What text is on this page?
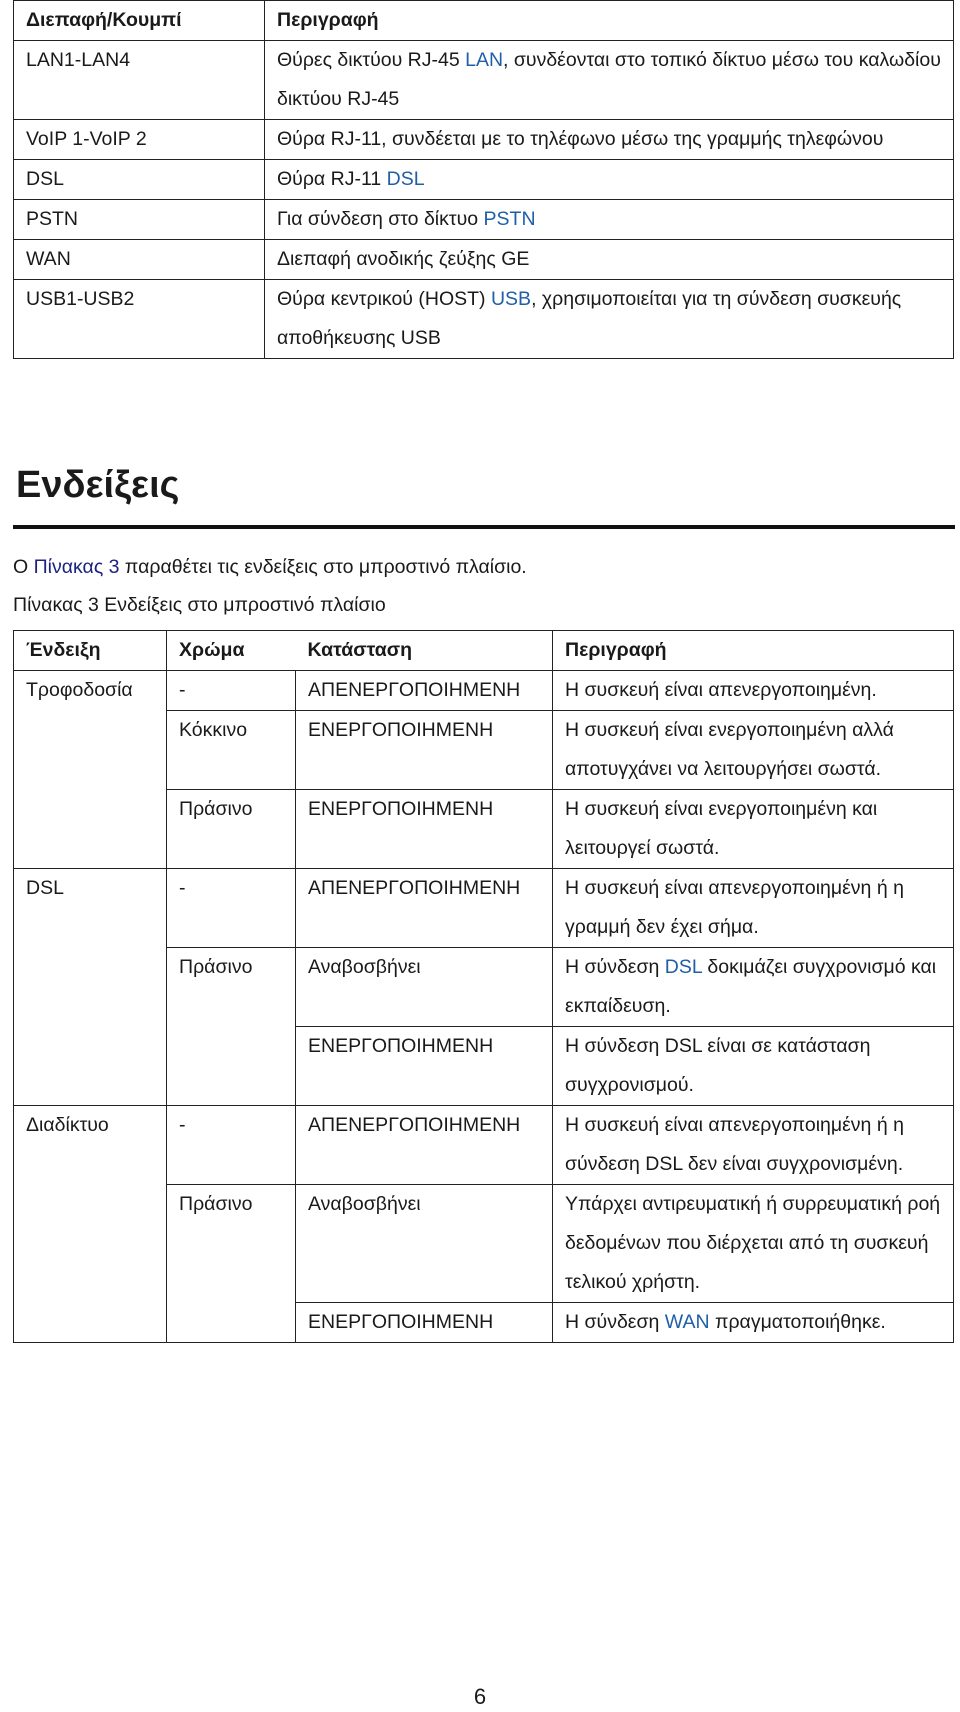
Διεπαφή/Κουμπί	Περιγραφή
LAN1-LAN4	Θύρες δικτύου RJ-45 LAN, συνδέονται στο τοπικό δίκτυο μέσω του καλωδίου δικτύου RJ-45
VoIP 1-VoIP 2	Θύρα RJ-11, συνδέεται με το τηλέφωνο μέσω της γραμμής τηλεφώνου
DSL	Θύρα RJ-11 DSL
PSTN	Για σύνδεση στο δίκτυο PSTN
WAN	Διεπαφή ανοδικής ζεύξης GE
USB1-USB2	Θύρα κεντρικού (HOST) USB, χρησιμοποιείται για τη σύνδεση συσκευής αποθήκευσης USB
Ενδείξεις

Ο Πίνακας 3 παραθέτει τις ενδείξεις στο μπροστινό πλαίσιο.

Πίνακας 3 Ενδείξεις στο μπροστινό πλαίσιο

Ένδειξη	Χρώμα	Κατάσταση	Περιγραφή
Τροφοδοσία	-	ΑΠΕΝΕΡΓΟΠΟΙΗΜΕΝΗ	Η συσκευή είναι απενεργοποιημένη.
	Κόκκινο	ΕΝΕΡΓΟΠΟΙΗΜΕΝΗ	Η συσκευή είναι ενεργοποιημένη αλλά αποτυγχάνει να λειτουργήσει σωστά.
	Πράσινο	ΕΝΕΡΓΟΠΟΙΗΜΕΝΗ	Η συσκευή είναι ενεργοποιημένη και λειτουργεί σωστά.
DSL	-	ΑΠΕΝΕΡΓΟΠΟΙΗΜΕΝΗ	Η συσκευή είναι απενεργοποιημένη ή η γραμμή δεν έχει σήμα.
	Πράσινο	Αναβοσβήνει	Η σύνδεση DSL δοκιμάζει συγχρονισμό και εκπαίδευση.
		ΕΝΕΡΓΟΠΟΙΗΜΕΝΗ	Η σύνδεση DSL είναι σε κατάσταση συγχρονισμού.
Διαδίκτυο	-	ΑΠΕΝΕΡΓΟΠΟΙΗΜΕΝΗ	Η συσκευή είναι απενεργοποιημένη ή η σύνδεση DSL δεν είναι συγχρονισμένη.
	Πράσινο	Αναβοσβήνει	Υπάρχει αντιρευματική ή συρρευματική ροή δεδομένων που διέρχεται από τη συσκευή τελικού χρήστη.
		ΕΝΕΡΓΟΠΟΙΗΜΕΝΗ	Η σύνδεση WAN πραγματοποιήθηκε.

6
